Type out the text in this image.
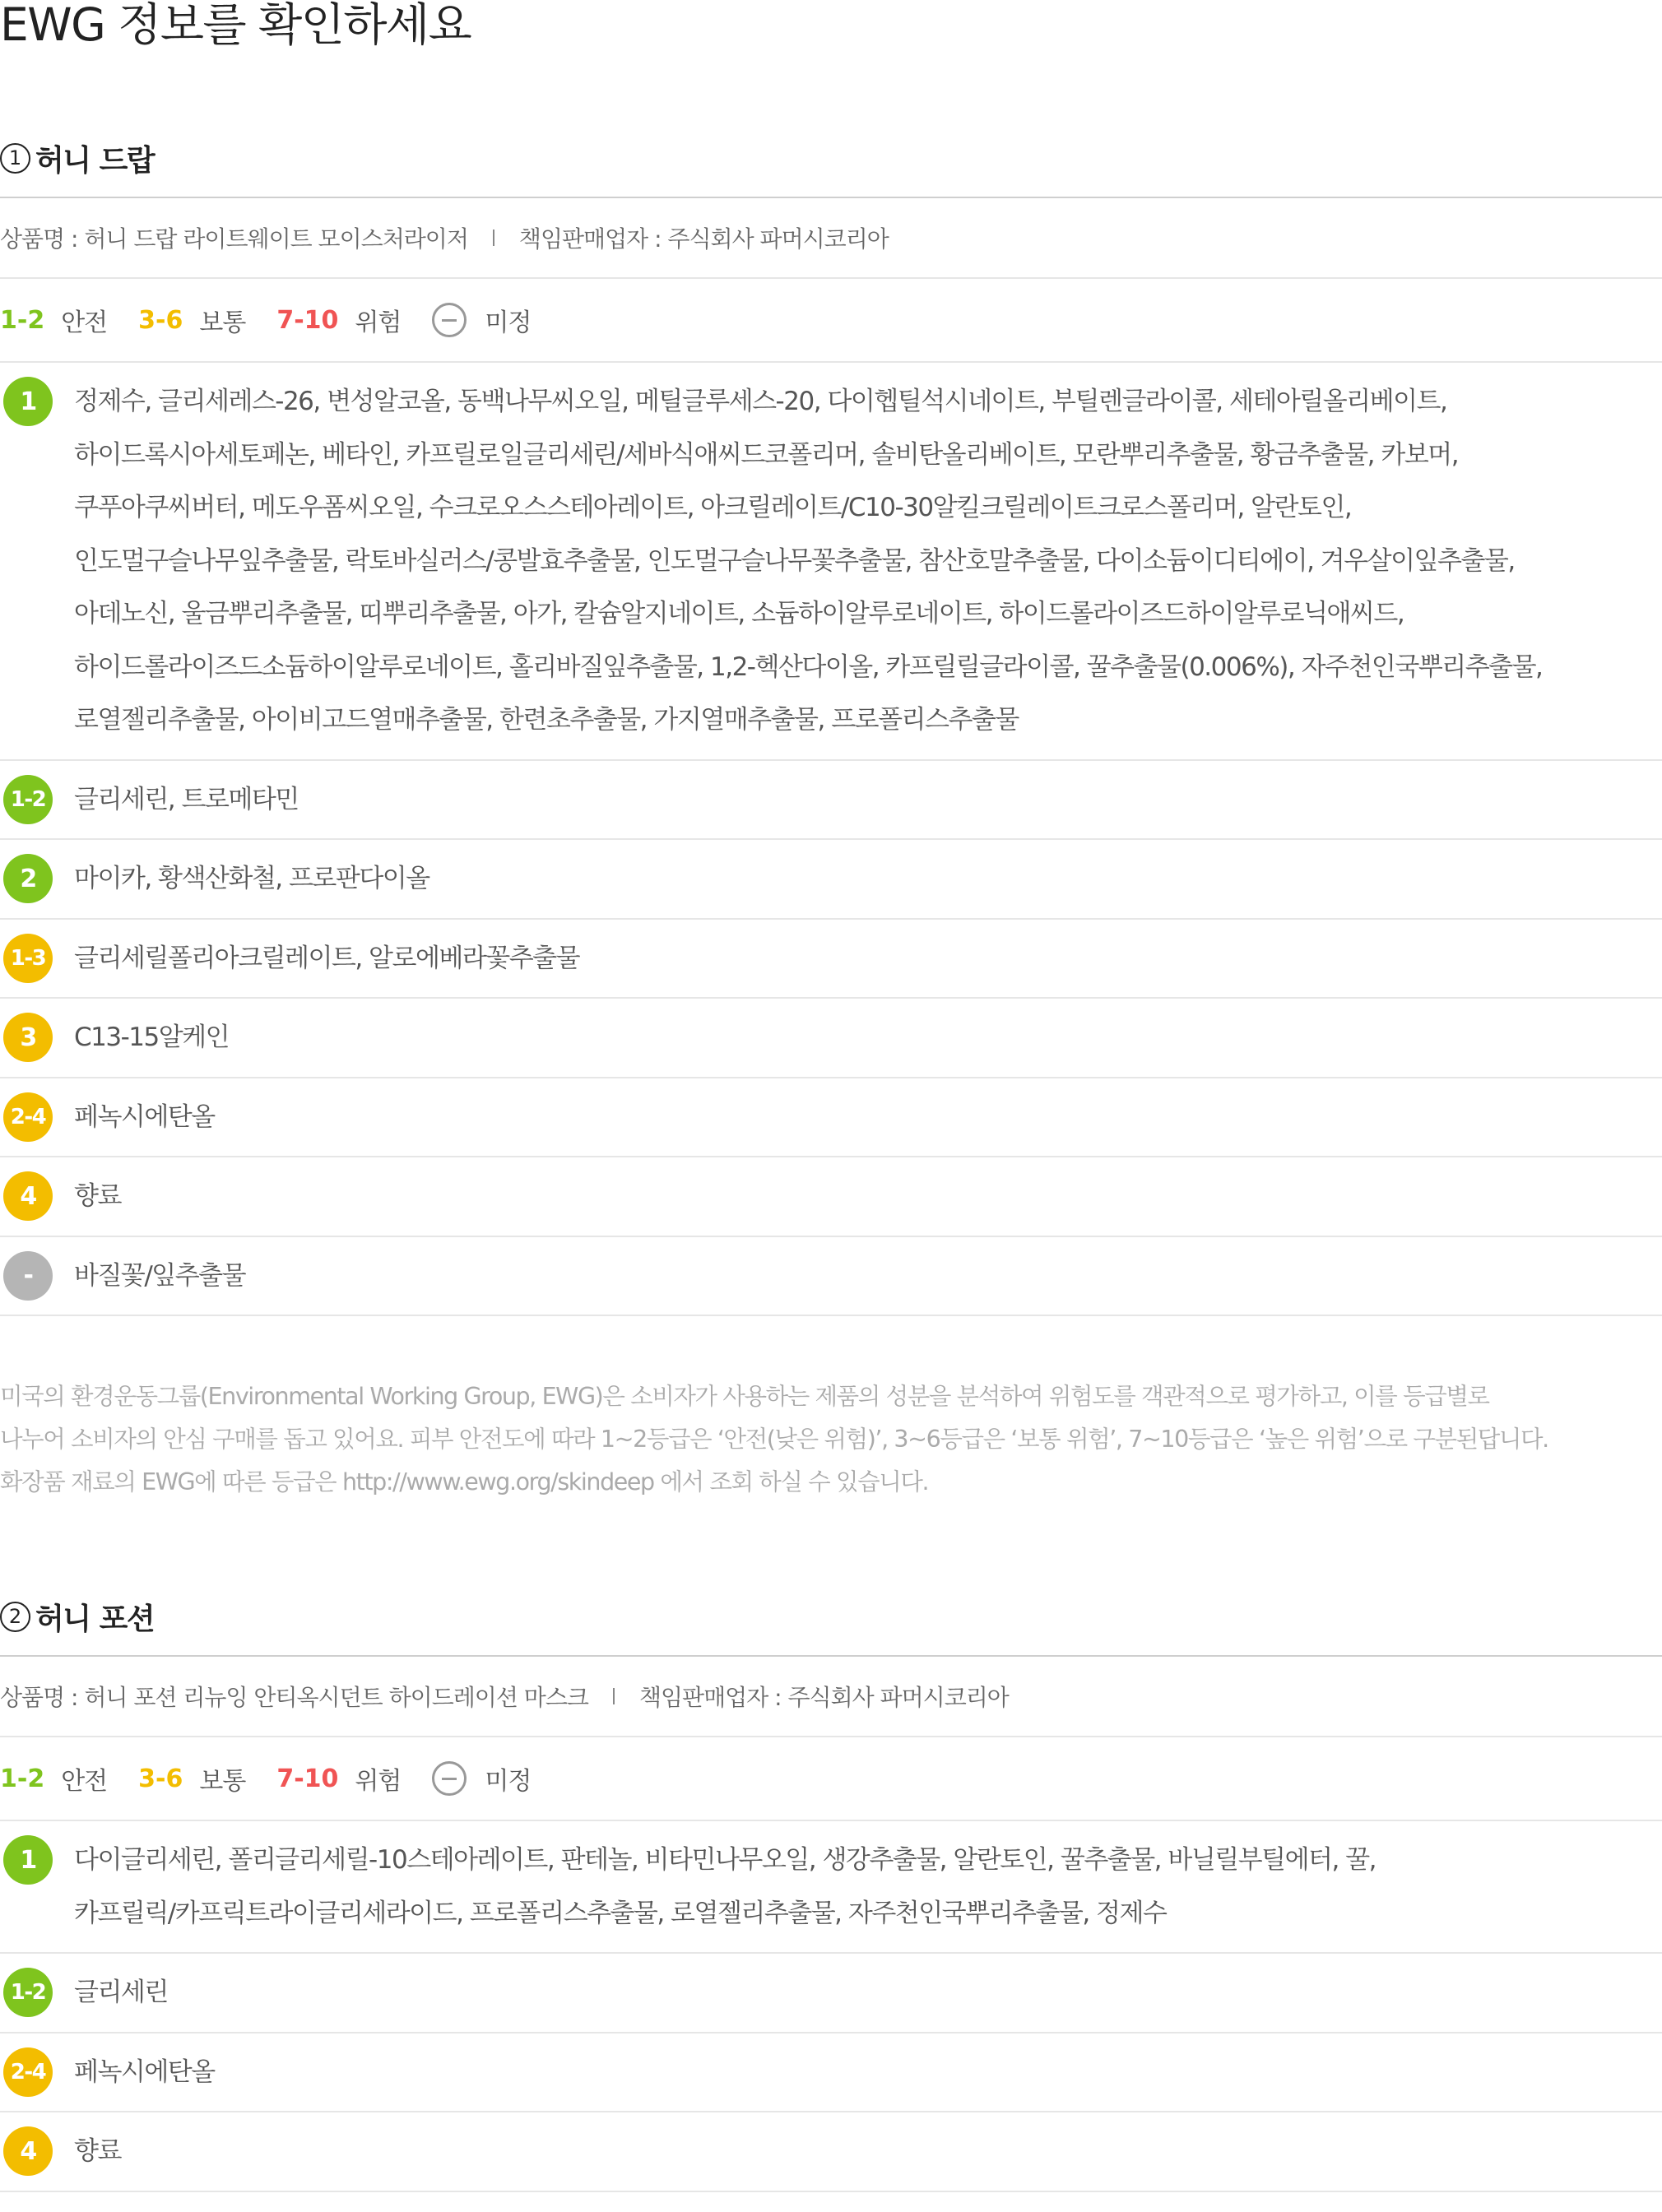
EWG 정보를 확인하세요
1 허니 드랍
상품명 : 허니 드랍 라이트웨이트 모이스처라이저 책임판매업자 : 주식회사 파머시코리아
1-2 안전 3-6 보통 7-10 위험	미정
1	정제수, 글리세레스-26, 변성알코올, 동백나무씨오일, 메틸글루세스-20, 다이헵틸석시네이트, 부틸렌글라이콜, 세테아릴올리베이트,
하이드록시아세토페논, 베타인, 카프릴로일글리세린/세바식애씨드코폴리머, 솔비탄올리베이트, 모란뿌리추출물, 황금추출물, 카보머,
쿠푸아쿠씨버터, 메도우폼씨오일, 수크로오스스테아레이트, 아크릴레이트/C10-30알킬크릴레이트크로스폴리머, 알란토인,
인도멀구슬나무잎추출물, 락토바실러스/콩발효추출물, 인도멀구슬나무꽃추출물, 참산호말추출물, 다이소듐이디티에이, 겨우살이잎추출물,
아데노신, 울금뿌리추출물, 띠뿌리추출물, 아가, 칼슘알지네이트, 소듐하이알루로네이트, 하이드롤라이즈드하이알루로닉애씨드,
하이드롤라이즈드소듐하이알루로네이트, 홀리바질잎추출물, 1,2-헥산다이올, 카프릴릴글라이콜, 꿀추출물(0.006%), 자주천인국뿌리추출물,
로열젤리추출물, 아이비고드열매추출물, 한련초추출물, 가지열매추출물, 프로폴리스추출물
1-2 글리세린, 트로메타민
2	마이카, 황색산화철, 프로판다이올
1-3 글리세릴폴리아크릴레이트, 알로에베라꽃추출물
3	C13-15알케인
2-4 페녹시에탄올
4	향료
-	바질꽃/잎추출물
미국의 환경운동그룹(Environmental Working Group, EWG)은 소비자가 사용하는 제품의 성분을 분석하여 위험도를 객관적으로 평가하고, 이를 등급별로
나누어 소비자의 안심 구매를 돕고 있어요. 피부 안전도에 따라 1~2등급은 ‘안전(낮은 위험)’, 3~6등급은 ‘보통 위험’, 7~10등급은 ‘높은 위험’으로 구분된답니다.
화장품 재료의 EWG에 따른 등급은 http://www.ewg.org/skindeep 에서 조회 하실 수 있습니다.
2 허니 포션
상품명 : 허니 포션 리뉴잉 안티옥시던트 하이드레이션 마스크 책임판매업자 : 주식회사 파머시코리아
1-2 안전 3-6 보통 7-10 위험	미정
1	다이글리세린, 폴리글리세릴-10스테아레이트, 판테놀, 비타민나무오일, 생강추출물, 알란토인, 꿀추출물, 바닐릴부틸에터, 꿀,
카프릴릭/카프릭트라이글리세라이드, 프로폴리스추출물, 로열젤리추출물, 자주천인국뿌리추출물, 정제수
1-2 글리세린
2-4 페녹시에탄올
4	향료
